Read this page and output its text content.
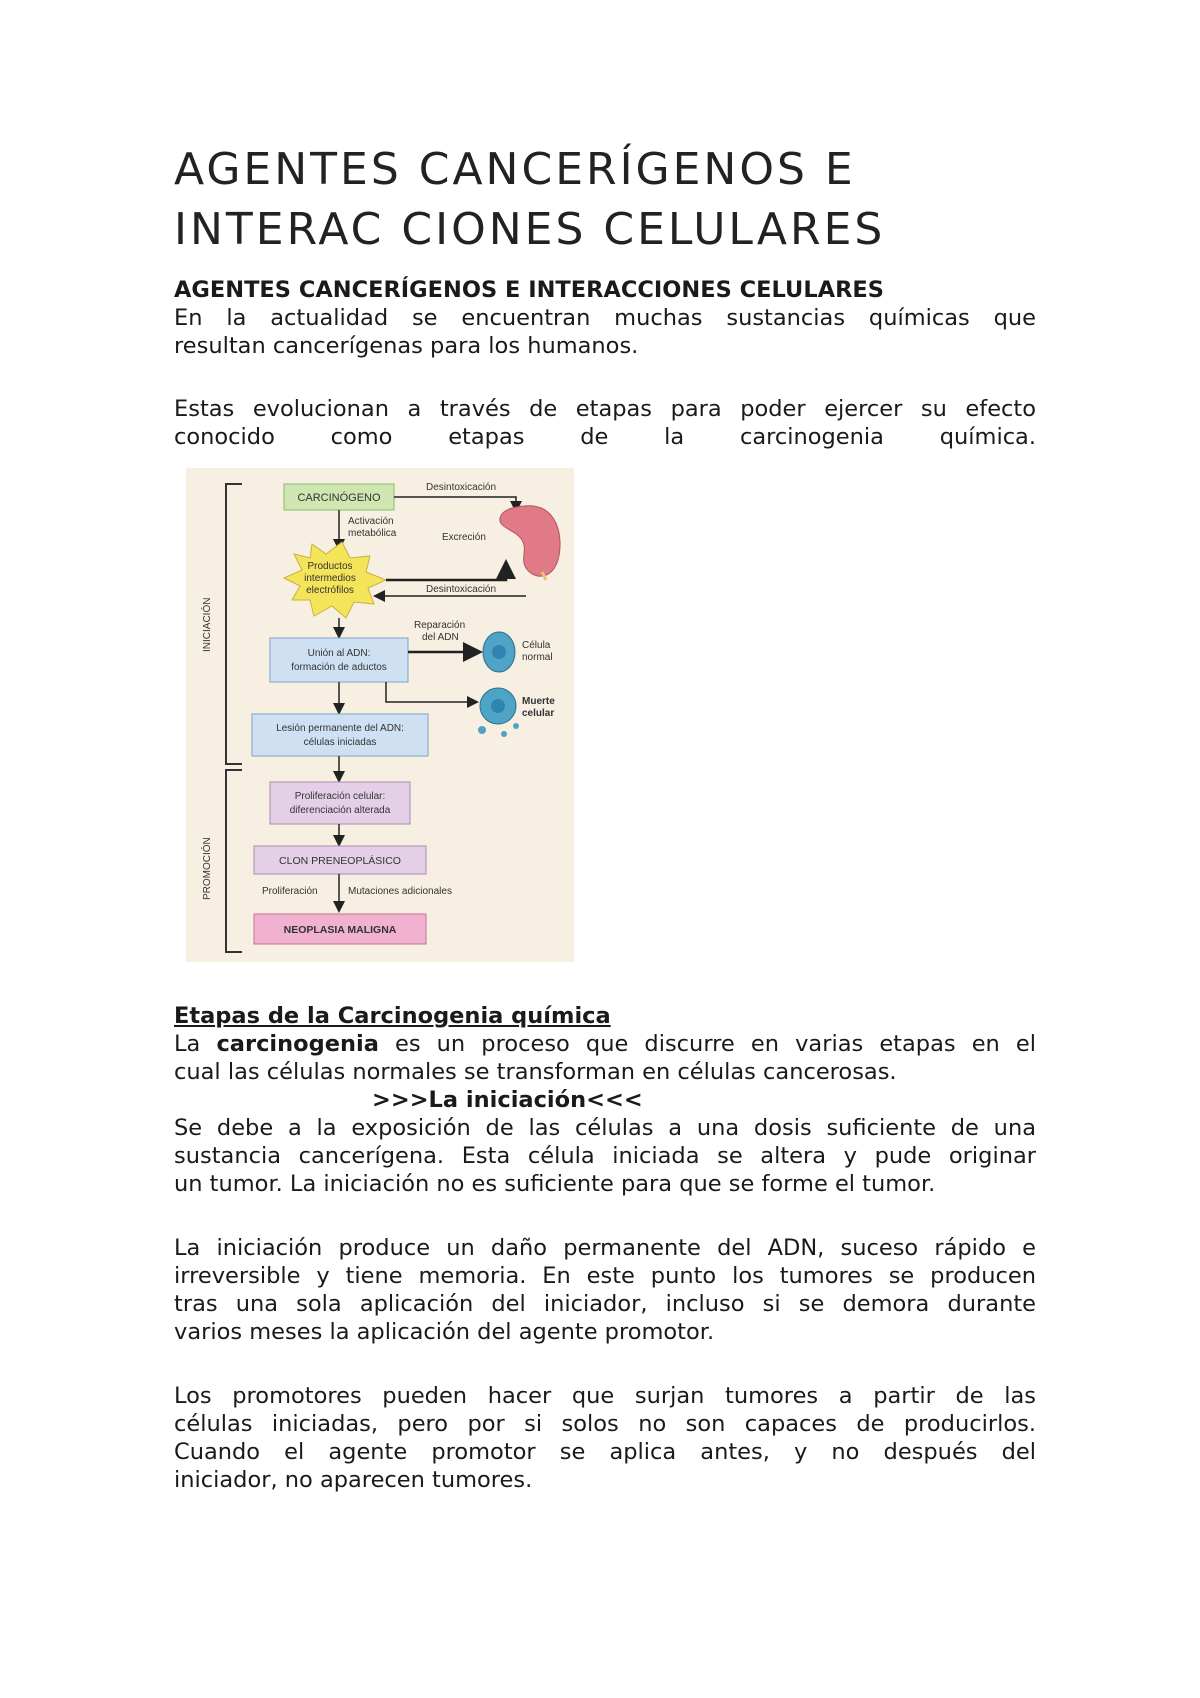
AGENTES CANCERÍGENOS E
INTERAC CIONES CELULARES

AGENTES CANCERÍGENOS E INTERACCIONES CELULARES

En la actualidad se encuentran muchas sustancias químicas que
resultan cancerígenas para los humanos.

Estas evolucionan a través de etapas para poder ejercer su efecto
conocido como etapas de la carcinogenia química.

INICIACIÓN
PROMOCIÓN
CARCINÓGENO
Desintoxicación
Activación
metabólica	Excreción
Productos
intermedios
electrófilos	Desintoxicación
Unión al ADN:
formación de aductos
Reparación
del ADN
Célula
normal
Muerte
celular
Lesión permanente del ADN:
células iniciadas
Proliferación celular:
diferenciación alterada
CLON PRENEOPLÁSICO
Proliferación	Mutaciones adicionales
NEOPLASIA MALIGNA

Etapas de la Carcinogenia química

La carcinogenia es un proceso que discurre en varias etapas en el
cual las células normales se transforman en células cancerosas.

>>>La iniciación<<<

Se debe a la exposición de las células a una dosis suficiente de una
sustancia cancerígena. Esta célula iniciada se altera y pude originar
un tumor. La iniciación no es suficiente para que se forme el tumor.

La iniciación produce un daño permanente del ADN, suceso rápido e
irreversible y tiene memoria. En este punto los tumores se producen
tras una sola aplicación del iniciador, incluso si se demora durante
varios meses la aplicación del agente promotor.

Los promotores pueden hacer que surjan tumores a partir de las
células iniciadas, pero por si solos no son capaces de producirlos.
Cuando el agente promotor se aplica antes, y no después del
iniciador, no aparecen tumores.
